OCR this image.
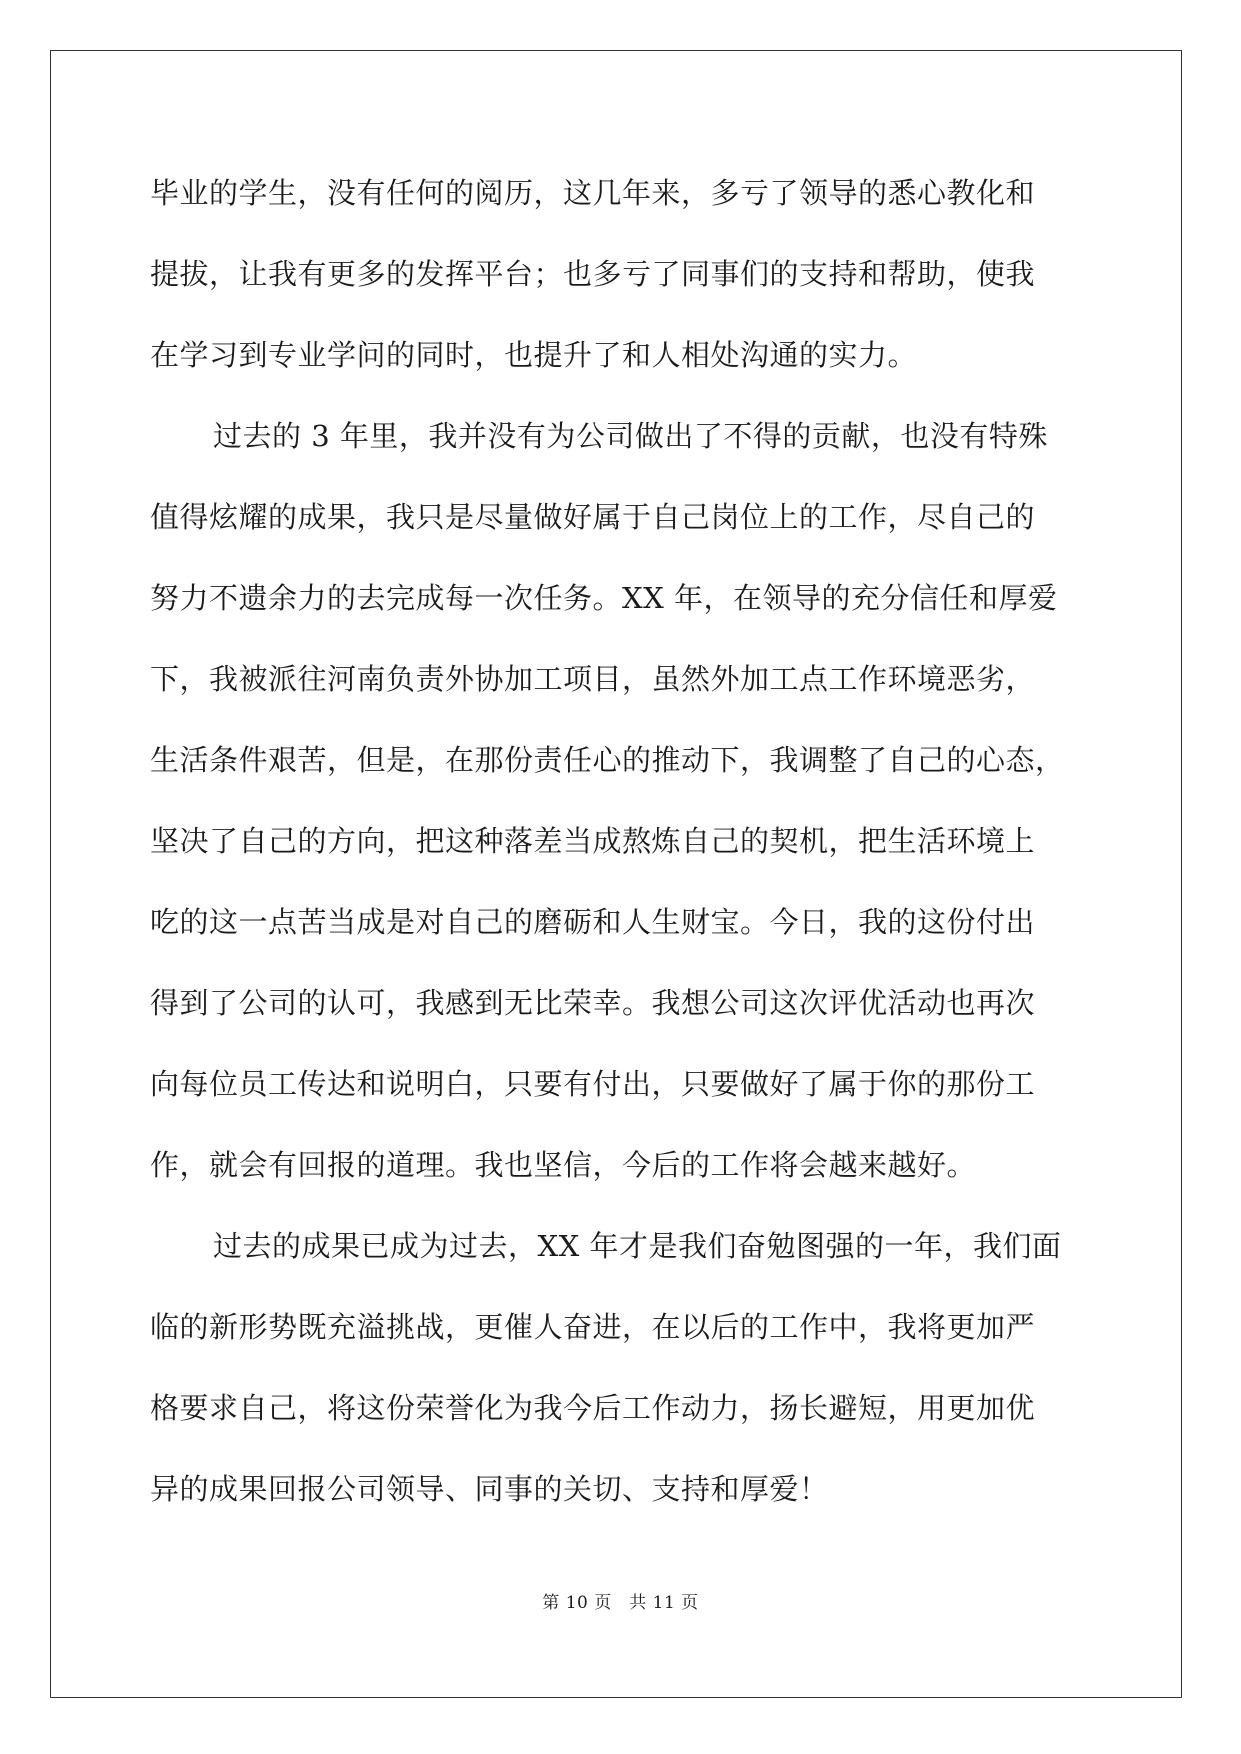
毕业的学生，没有任何的阅历，这几年来，多亏了领导的悉心教化和
提拔，让我有更多的发挥平台；也多亏了同事们的支持和帮助，使我
在学习到专业学问的同时，也提升了和人相处沟通的实力。
过去的 3 年里，我并没有为公司做出了不得的贡献，也没有特殊
值得炫耀的成果，我只是尽量做好属于自己岗位上的工作，尽自己的
努力不遗余力的去完成每一次任务。XX 年，在领导的充分信任和厚爱
下，我被派往河南负责外协加工项目，虽然外加工点工作环境恶劣，
生活条件艰苦，但是，在那份责任心的推动下，我调整了自己的心态，
坚决了自己的方向，把这种落差当成熬炼自己的契机，把生活环境上
吃的这一点苦当成是对自己的磨砺和人生财宝。今日，我的这份付出
得到了公司的认可，我感到无比荣幸。我想公司这次评优活动也再次
向每位员工传达和说明白，只要有付出，只要做好了属于你的那份工
作，就会有回报的道理。我也坚信，今后的工作将会越来越好。
过去的成果已成为过去，XX 年才是我们奋勉图强的一年，我们面
临的新形势既充溢挑战，更催人奋进，在以后的工作中，我将更加严
格要求自己，将这份荣誉化为我今后工作动力，扬长避短，用更加优
异的成果回报公司领导、同事的关切、支持和厚爱！
第 10 页　共 11 页
